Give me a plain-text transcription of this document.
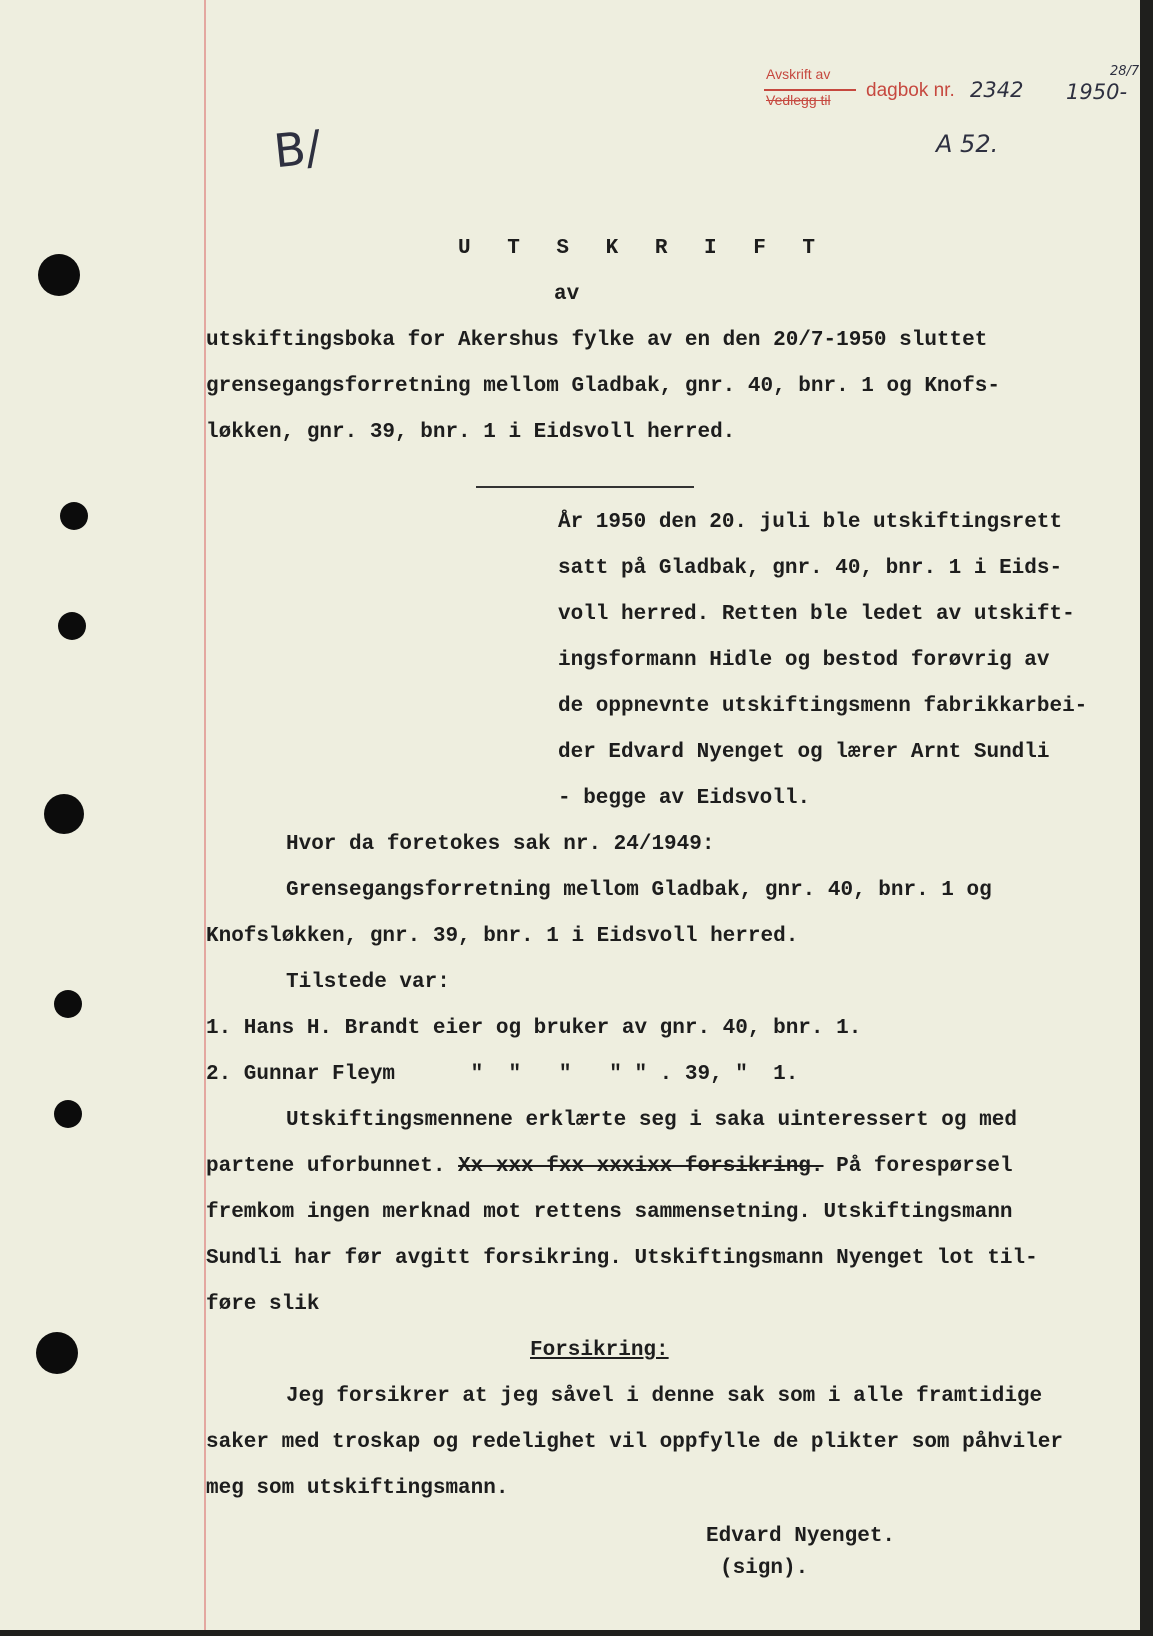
Avskrift av
Vedlegg til dagbok nr. 2342 1950-
28/7
A 52.
B/
U T S K R I F T
av
utskiftingsboka for Akershus fylke av en den 20/7-1950 sluttet
grensegangsforretning mellom Gladbak, gnr. 40, bnr. 1 og Knofs-
løkken, gnr. 39, bnr. 1 i Eidsvoll herred.
År 1950 den 20. juli ble utskiftingsrett
satt på Gladbak, gnr. 40, bnr. 1 i Eids-
voll herred. Retten ble ledet av utskift-
ingsformann Hidle og bestod forøvrig av
de oppnevnte utskiftingsmenn fabrikkarbei-
der Edvard Nyenget og lærer Arnt Sundli
- begge av Eidsvoll.
Hvor da foretokes sak nr. 24/1949:
Grensegangsforretning mellom Gladbak, gnr. 40, bnr. 1 og
Knofsløkken, gnr. 39, bnr. 1 i Eidsvoll herred.
Tilstede var:
1. Hans H. Brandt eier og bruker av gnr. 40, bnr. 1.
2. Gunnar Fleym      "  "   "   " " . 39, "  1.
Utskiftingsmennene erklærte seg i saka uinteressert og med
partene uforbunnet. Xx xxx fxx xxxixx forsikring. På forespørsel
fremkom ingen merknad mot rettens sammensetning. Utskiftingsmann
Sundli har før avgitt forsikring. Utskiftingsmann Nyenget lot til-
føre slik
Forsikring:
Jeg forsikrer at jeg såvel i denne sak som i alle framtidige
saker med troskap og redelighet vil oppfylle de plikter som påhviler
meg som utskiftingsmann.
Edvard Nyenget.
(sign).
